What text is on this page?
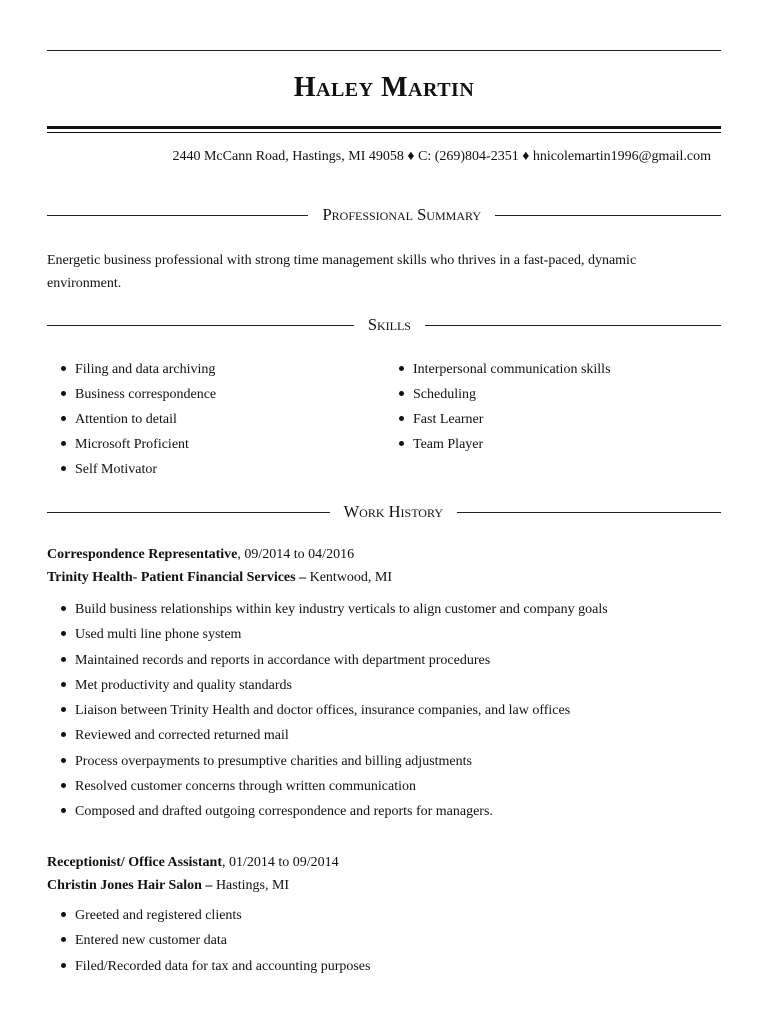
Haley Martin
2440 McCann Road, Hastings, MI 49058 ♦ C: (269)804-2351 ♦ hnicolemartin1996@gmail.com
Professional Summary
Energetic business professional with strong time management skills who thrives in a fast-paced, dynamic environment.
Skills
Filing and data archiving
Business correspondence
Attention to detail
Microsoft Proficient
Self Motivator
Interpersonal communication skills
Scheduling
Fast Learner
Team Player
Work History
Correspondence Representative, 09/2014 to 04/2016
Trinity Health- Patient Financial Services – Kentwood, MI
Build business relationships within key industry verticals to align customer and company goals
Used multi line phone system
Maintained records and reports in accordance with department procedures
Met productivity and quality standards
Liaison between Trinity Health and doctor offices, insurance companies, and law offices
Reviewed and corrected returned mail
Process overpayments to presumptive charities and billing adjustments
Resolved customer concerns through written communication
Composed and drafted outgoing correspondence and reports for managers.
Receptionist/ Office Assistant, 01/2014 to 09/2014
Christin Jones Hair Salon – Hastings, MI
Greeted and registered clients
Entered new customer data
Filed/Recorded data for tax and accounting purposes
